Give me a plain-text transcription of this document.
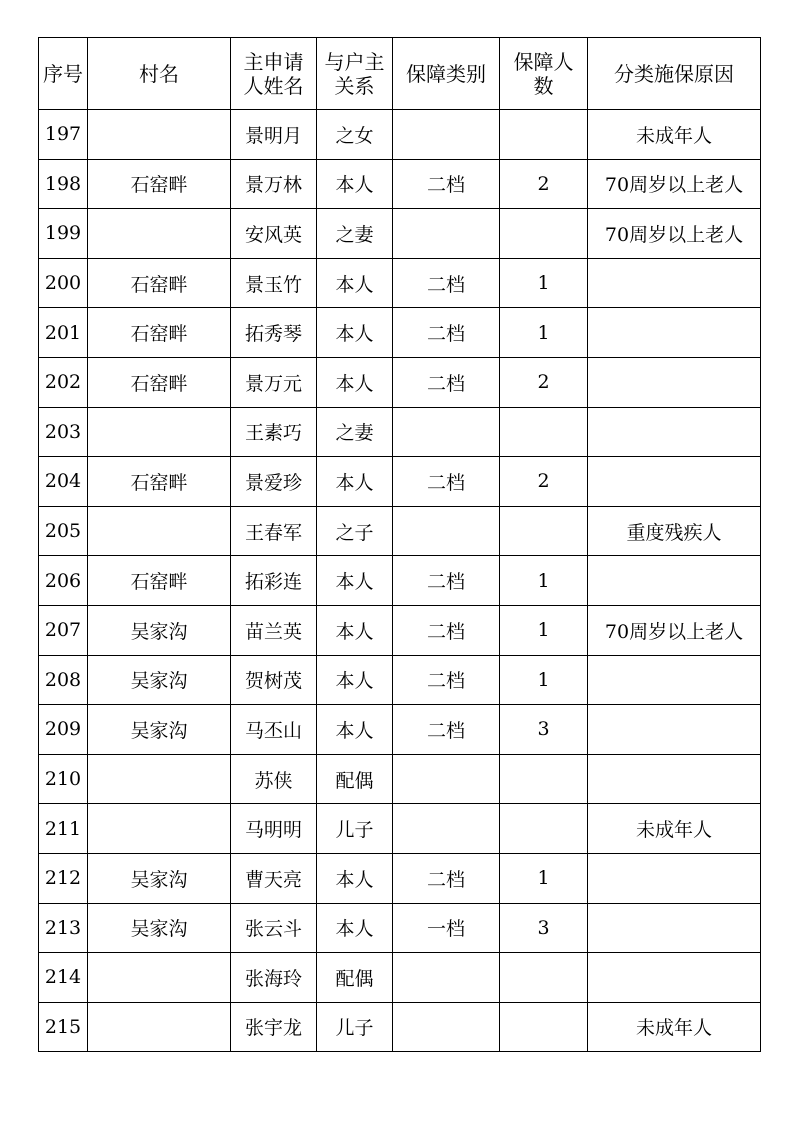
序号	村名	主申请人姓名	与户主关系	保障类别	保障人数	分类施保原因
197		景明月	之女			未成年人
198	石窑畔	景万林	本人	二档	2	70周岁以上老人
199		安风英	之妻			70周岁以上老人
200	石窑畔	景玉竹	本人	二档	1	
201	石窑畔	拓秀琴	本人	二档	1	
202	石窑畔	景万元	本人	二档	2	
203		王素巧	之妻			
204	石窑畔	景爱珍	本人	二档	2	
205		王春军	之子			重度残疾人
206	石窑畔	拓彩连	本人	二档	1	
207	吴家沟	苗兰英	本人	二档	1	70周岁以上老人
208	吴家沟	贺树茂	本人	二档	1	
209	吴家沟	马丕山	本人	二档	3	
210		苏侠	配偶			
211		马明明	儿子			未成年人
212	吴家沟	曹天亮	本人	二档	1	
213	吴家沟	张云斗	本人	一档	3	
214		张海玲	配偶			
215		张宇龙	儿子			未成年人
